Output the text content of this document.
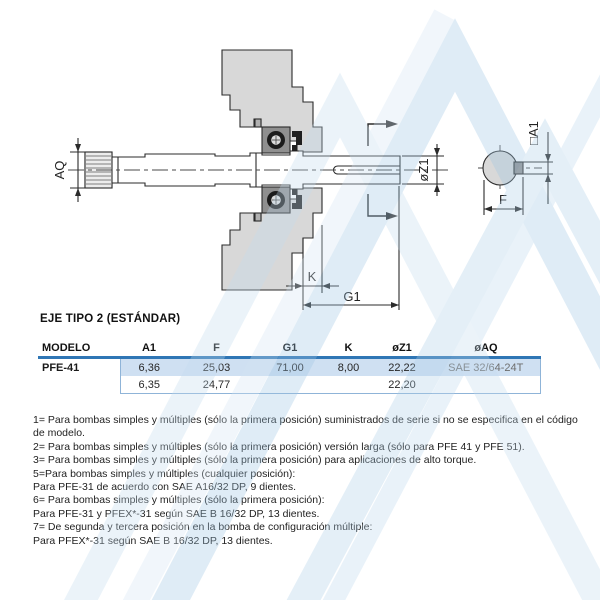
AQ
K
G1
øZ1
□A1
F
EJE TIPO 2 (ESTÁNDAR)
MODELO	A1	F	G1	K	øZ1	øAQ
PFE-41	6,36	25,03	71,00	8,00	22,22	SAE 32/64-24T
	6,35	24,77			22,20	

1= Para bombas simples y múltiples (sólo la primera posición) suministrados de serie si no se especifica en el código de modelo.

2= Para bombas simples y múltiples (sólo la primera posición) versión larga (sólo para PFE 41 y PFE 51).

3= Para bombas simples y múltiples (sólo la primera posición) para aplicaciones de alto torque.

5=Para bombas simples y múltiples (cualquier posición):

Para PFE-31 de acuerdo con SAE A16/32 DP, 9 dientes.

6= Para bombas simples y múltiples (sólo la primera posición):

Para PFE-31 y PFEX*-31 según SAE B 16/32 DP, 13 dientes.

7= De segunda y tercera posición en la bomba de configuración múltiple:

Para PFEX*-31 según SAE B 16/32 DP, 13 dientes.
